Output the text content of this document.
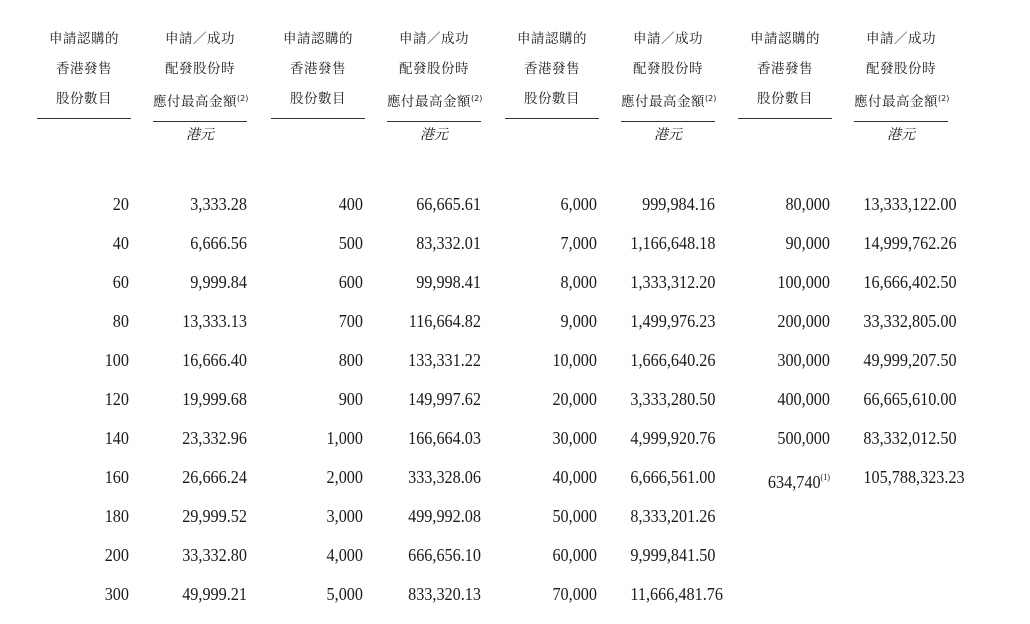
申請認購的
香港發售
股份數目
申請／成功
配發股份時
應付最高金額$^{(2)}$
港元
20	3,333.28
40	6,666.56
60	9,999.84
80	13,333.13
100	16,666.40
120	19,999.68
140	23,332.96
160	26,666.24
180	29,999.52
200	33,332.80
300	49,999.21
申請認購的
香港發售
股份數目
申請／成功
配發股份時
應付最高金額$^{(2)}$
港元
400	66,665.61
500	83,332.01
600	99,998.41
700	116,664.82
800	133,331.22
900	149,997.62
1,000	166,664.03
2,000	333,328.06
3,000	499,992.08
4,000	666,656.10
5,000	833,320.13
申請認購的
香港發售
股份數目
申請／成功
配發股份時
應付最高金額$^{(2)}$
港元
6,000	999,984.16
7,000 1,166,648.18
8,000 1,333,312.20
9,000 1,499,976.23
10,000 1,666,640.26
20,000 3,333,280.50
30,000 4,999,920.76
40,000 6,666,561.00
50,000 8,333,201.26
60,000 9,999,841.50
70,000 11,666,481.76
申請認購的
香港發售
股份數目
申請／成功
配發股份時
應付最高金額$^{(2)}$
港元
80,000 13,333,122.00
90,000 14,999,762.26
100,000 16,666,402.50
200,000 33,332,805.00
300,000 49,999,207.50
400,000 66,665,610.00
500,000 83,332,012.50
634,740$^{(1)}$ 105,788,323.23
